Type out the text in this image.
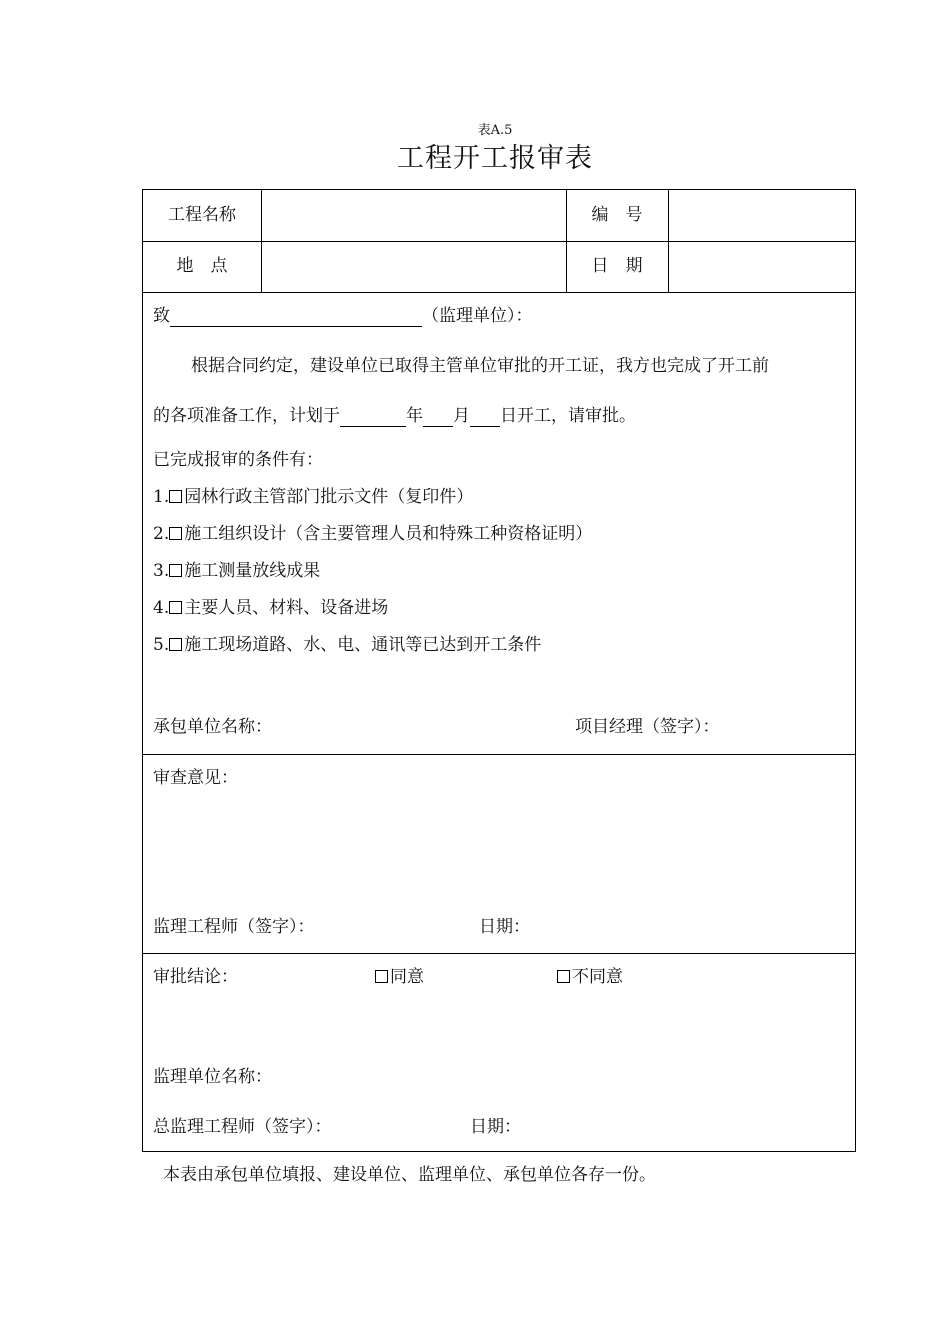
表A.5
工程开工报审表
工程名称	编　号
地　点	日　期
致	（监理单位）：
根据合同约定，建设单位已取得主管单位审批的开工证，我方也完成了开工前
的各项准备工作，计划于	年 月 日开工，请审批。
已完成报审的条件有：
1. 园林行政主管部门批示文件（复印件）
2. 施工组织设计（含主要管理人员和特殊工种资格证明）
3. 施工测量放线成果
4. 主要人员、材料、设备进场
5. 施工现场道路、水、电、通讯等已达到开工条件
承包单位名称：	项目经理（签字）：
审查意见：
监理工程师（签字）：	日期：
审批结论：	同意	不同意
监理单位名称：
总监理工程师（签字）：	日期：
本表由承包单位填报、建设单位、监理单位、承包单位各存一份。
